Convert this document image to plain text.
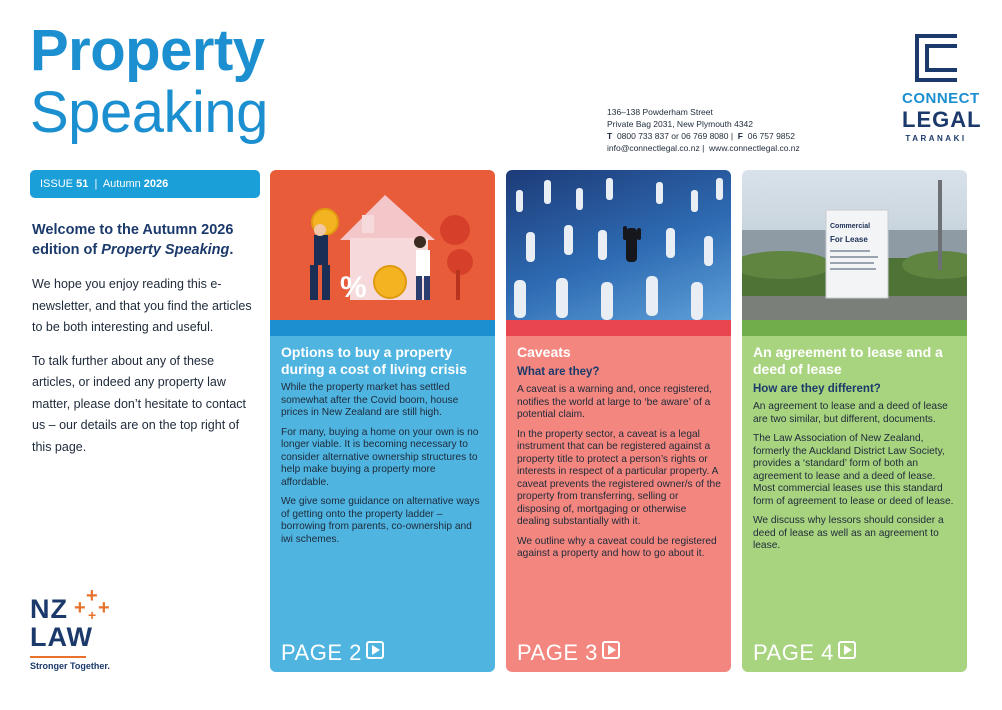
Property
Speaking	136–138 Powderham Street
Private Bag 2031, New Plymouth 4342
T 0800 733 837 or 06 769 8080 |  F 06 757 9852
info@connectlegal.co.nz |  www.connectlegal.co.nz
CONNECT
LEGAL
TARANAKI
ISSUE 51  |  Autumn 2026
Welcome to the Autumn 2026 edition of Property Speaking.

We hope you enjoy reading this e-newsletter, and that you find the articles to be both interesting and useful.

To talk further about any of these articles, or indeed any property law matter, please don’t hesitate to contact us – our details are on the top right of this page.

NZ
LAW
+
+
+
+
Stronger Together.
%
Options to buy a property during a cost of living crisis

While the property market has settled somewhat after the Covid boom, house prices in New Zealand are still high.

For many, buying a home on your own is no longer viable. It is becoming necessary to consider alternative ownership structures to help make buying a property more affordable.

We give some guidance on alternative ways of getting onto the property ladder – borrowing from parents, co-ownership and iwi schemes.

PAGE 2
Caveats
What are they?

A caveat is a warning and, once registered, notifies the world at large to ‘be aware’ of a potential claim.

In the property sector, a caveat is a legal instrument that can be registered against a property title to protect a person’s rights or interests in respect of a particular property. A caveat prevents the registered owner/s of the property from transferring, selling or disposing of, mortgaging or otherwise dealing substantially with it.

We outline why a caveat could be registered against a property and how to go about it.

PAGE 3
Commercial
For Lease
An agreement to lease and a deed of lease
How are they different?

An agreement to lease and a deed of lease are two similar, but different, documents.

The Law Association of New Zealand, formerly the Auckland District Law Society, provides a ‘standard’ form of both an agreement to lease and a deed of lease. Most commercial leases use this standard form of agreement to lease or deed of lease.

We discuss why lessors should consider a deed of lease as well as an agreement to lease.

PAGE 4
